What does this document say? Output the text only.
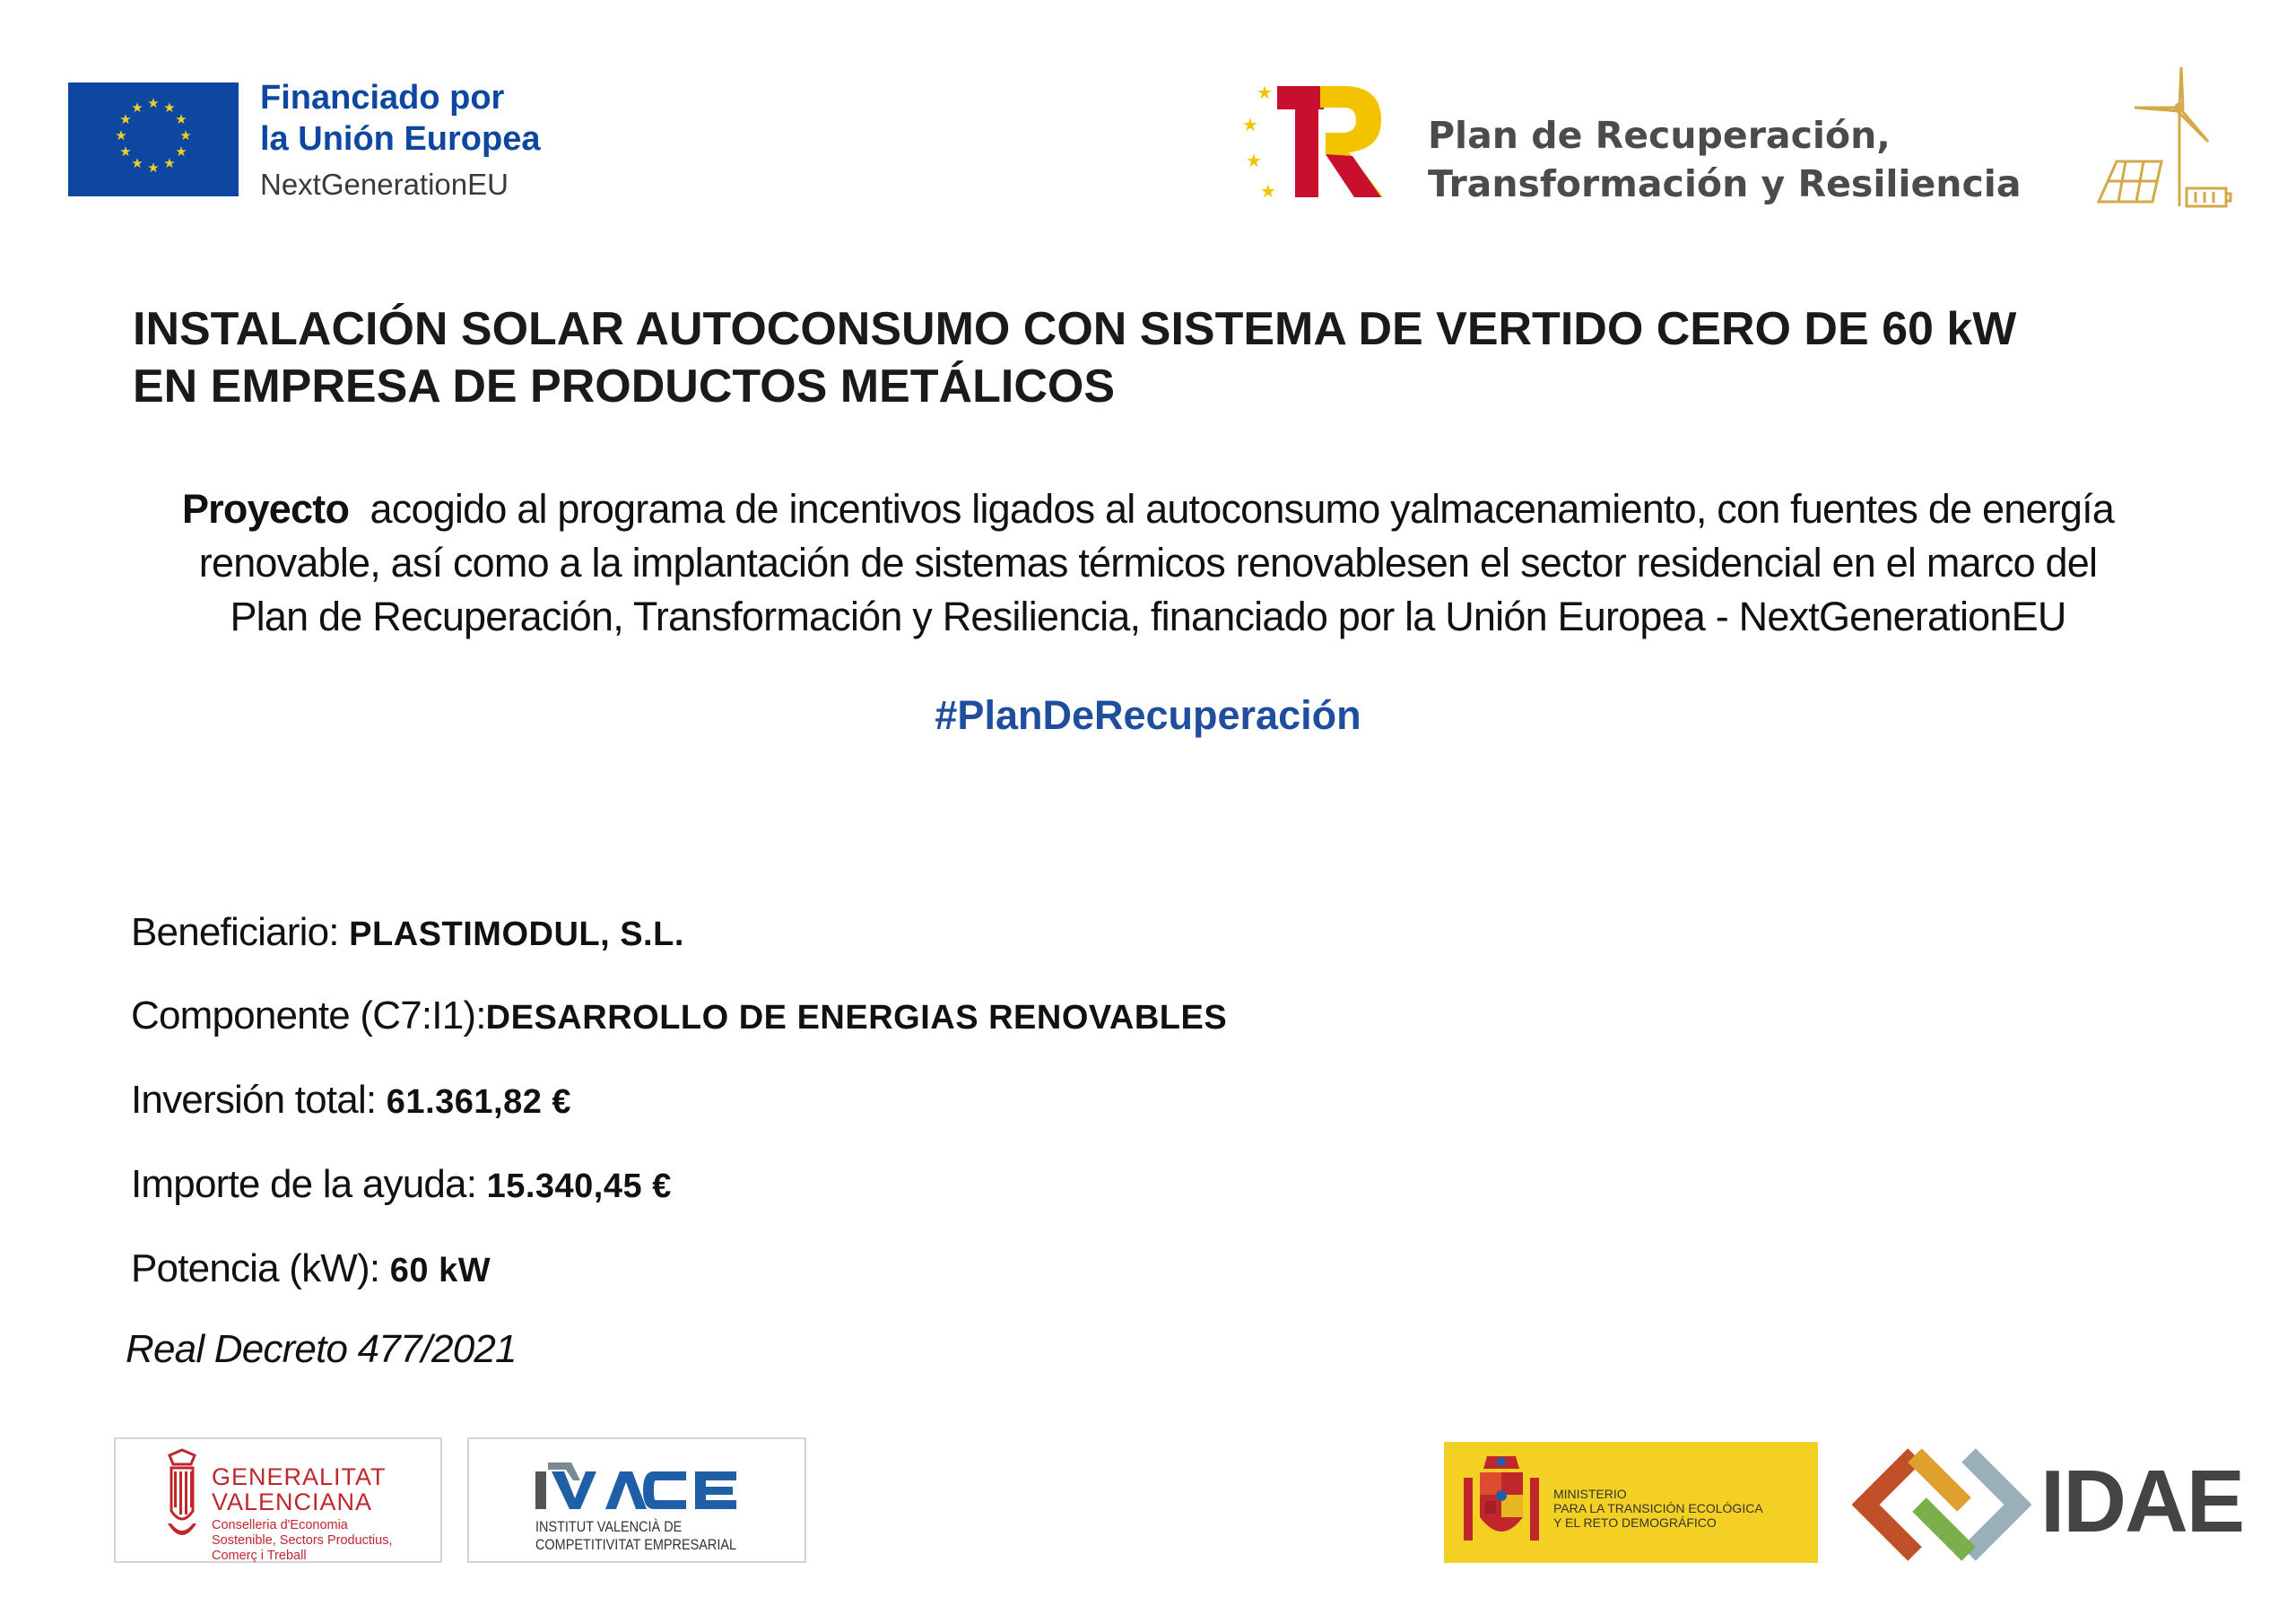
★ ★
★
★
★
★
★
★
★
★
★
★	Financiado por
la Unión Europea
NextGenerationEU
★
★
★
★
Plan de Recuperación,
Transformación y Resiliencia
INSTALACIÓN SOLAR AUTOCONSUMO CON SISTEMA DE VERTIDO CERO DE 60 kW
EN EMPRESA DE PRODUCTOS METÁLICOS
Proyecto acogido al programa de incentivos ligados al autoconsumo yalmacenamiento, con fuentes de energía
renovable, así como a la implantación de sistemas térmicos renovablesen el sector residencial en el marco del
Plan de Recuperación, Transformación y Resiliencia, financiado por la Unión Europea - NextGenerationEU
#PlanDeRecuperación
Beneficiario: PLASTIMODUL, S.L.
Componente (C7:I1):DESARROLLO DE ENERGIAS RENOVABLES
Inversión total: 61.361,82 €
Importe de la ayuda: 15.340,45 €
Potencia (kW): 60 kW
Real Decreto 477/2021
GENERALITAT
VALENCIANA
Conselleria d'Economia
Sostenible, Sectors Productius,
Comerç i Treball
INSTITUT VALENCIÀ DE
COMPETITIVITAT EMPRESARIAL
MINISTERIO
PARA LA TRANSICIÓN ECOLÓGICA
Y EL RETO DEMOGRÁFICO	IDAE
